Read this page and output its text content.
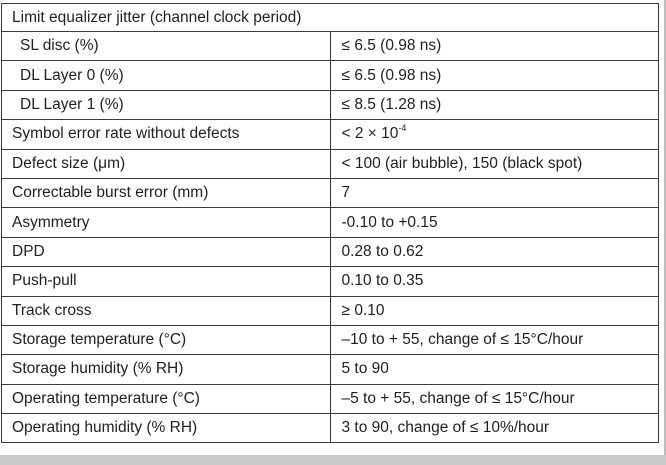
Limit equalizer jitter (channel clock period)	
SL disc (%)	≤ 6.5 (0.98 ns)
DL Layer 0 (%)	≤ 6.5 (0.98 ns)
DL Layer 1 (%)	≤ 8.5 (1.28 ns)
Symbol error rate without defects	< $2 \times 10^{-4}$
Defect size (μm)	< 100 (air bubble), 150 (black spot)
Correctable burst error (mm)	7
Asymmetry	-0.10 to +0.15
DPD	0.28 to 0.62
Push-pull	0.10 to 0.35
Track cross	≥ 0.10
Storage temperature (°C)	–10 to + 55, change of ≤ 15°C/hour
Storage humidity (% RH)	5 to 90
Operating temperature (°C)	–5 to + 55, change of ≤ 15°C/hour
Operating humidity (% RH)	3 to 90, change of ≤ 10%/hour
